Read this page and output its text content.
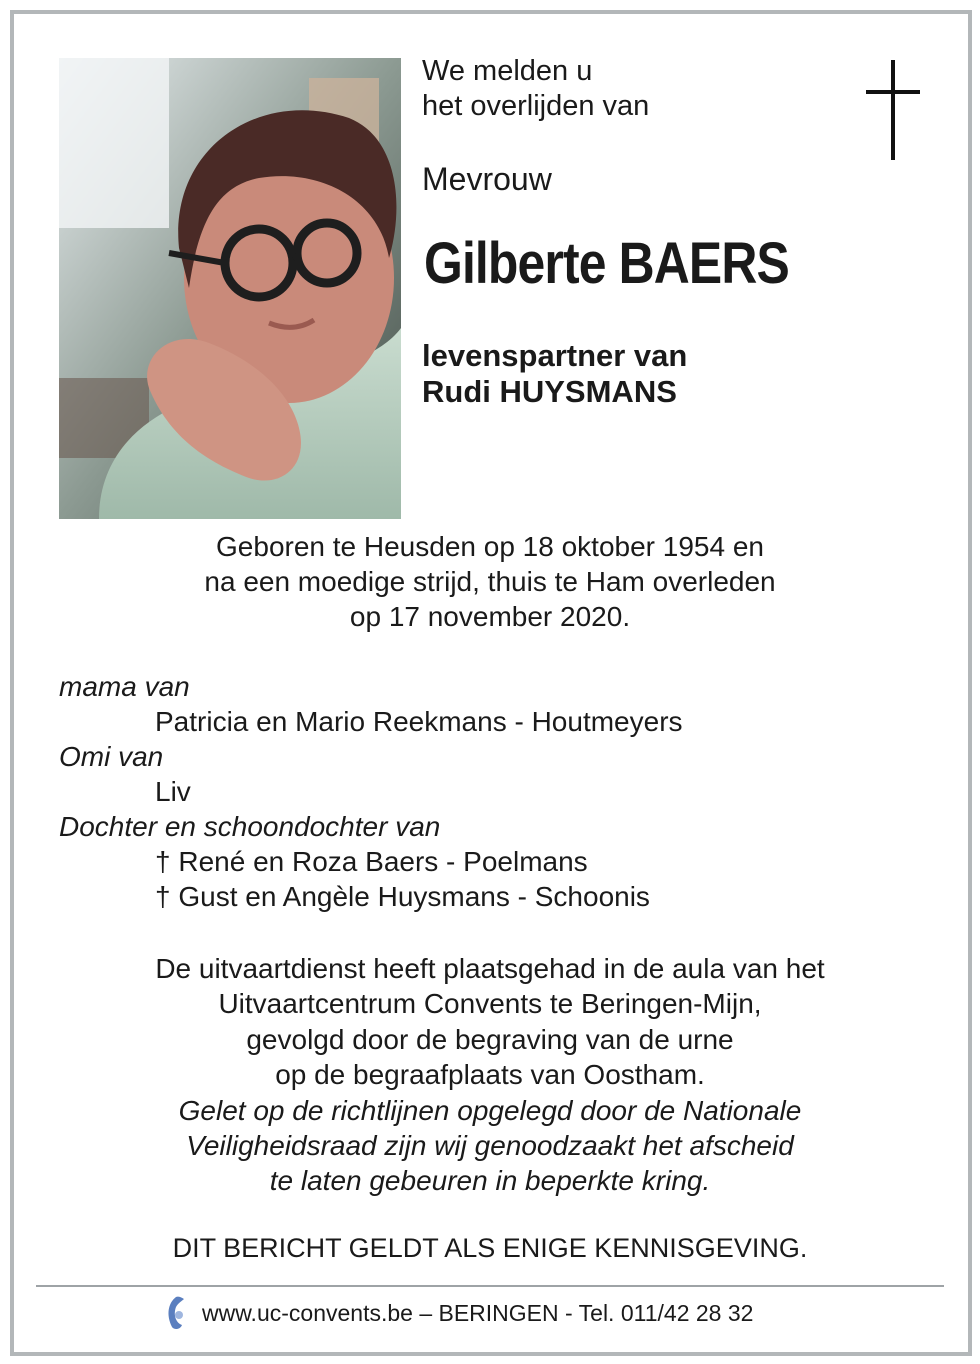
We melden u
het overlijden van
Mevrouw
Gilberte BAERS
levenspartner van
Rudi HUYSMANS
Geboren te Heusden op 18 oktober 1954 en
na een moedige strijd, thuis te Ham overleden
op 17 november 2020.
mama van
Patricia en Mario Reekmans - Houtmeyers
Omi van
Liv
Dochter en schoondochter van
† René en Roza Baers - Poelmans
† Gust en Angèle Huysmans - Schoonis
De uitvaartdienst heeft plaatsgehad in de aula van het
Uitvaartcentrum Convents te Beringen-Mijn,
gevolgd door de begraving van de urne
op de begraafplaats van Oostham.
Gelet op de richtlijnen opgelegd door de Nationale
Veiligheidsraad zijn wij genoodzaakt het afscheid
te laten gebeuren in beperkte kring.
DIT BERICHT GELDT ALS ENIGE KENNISGEVING.
www.uc-convents.be – BERINGEN - Tel. 011/42 28 32
